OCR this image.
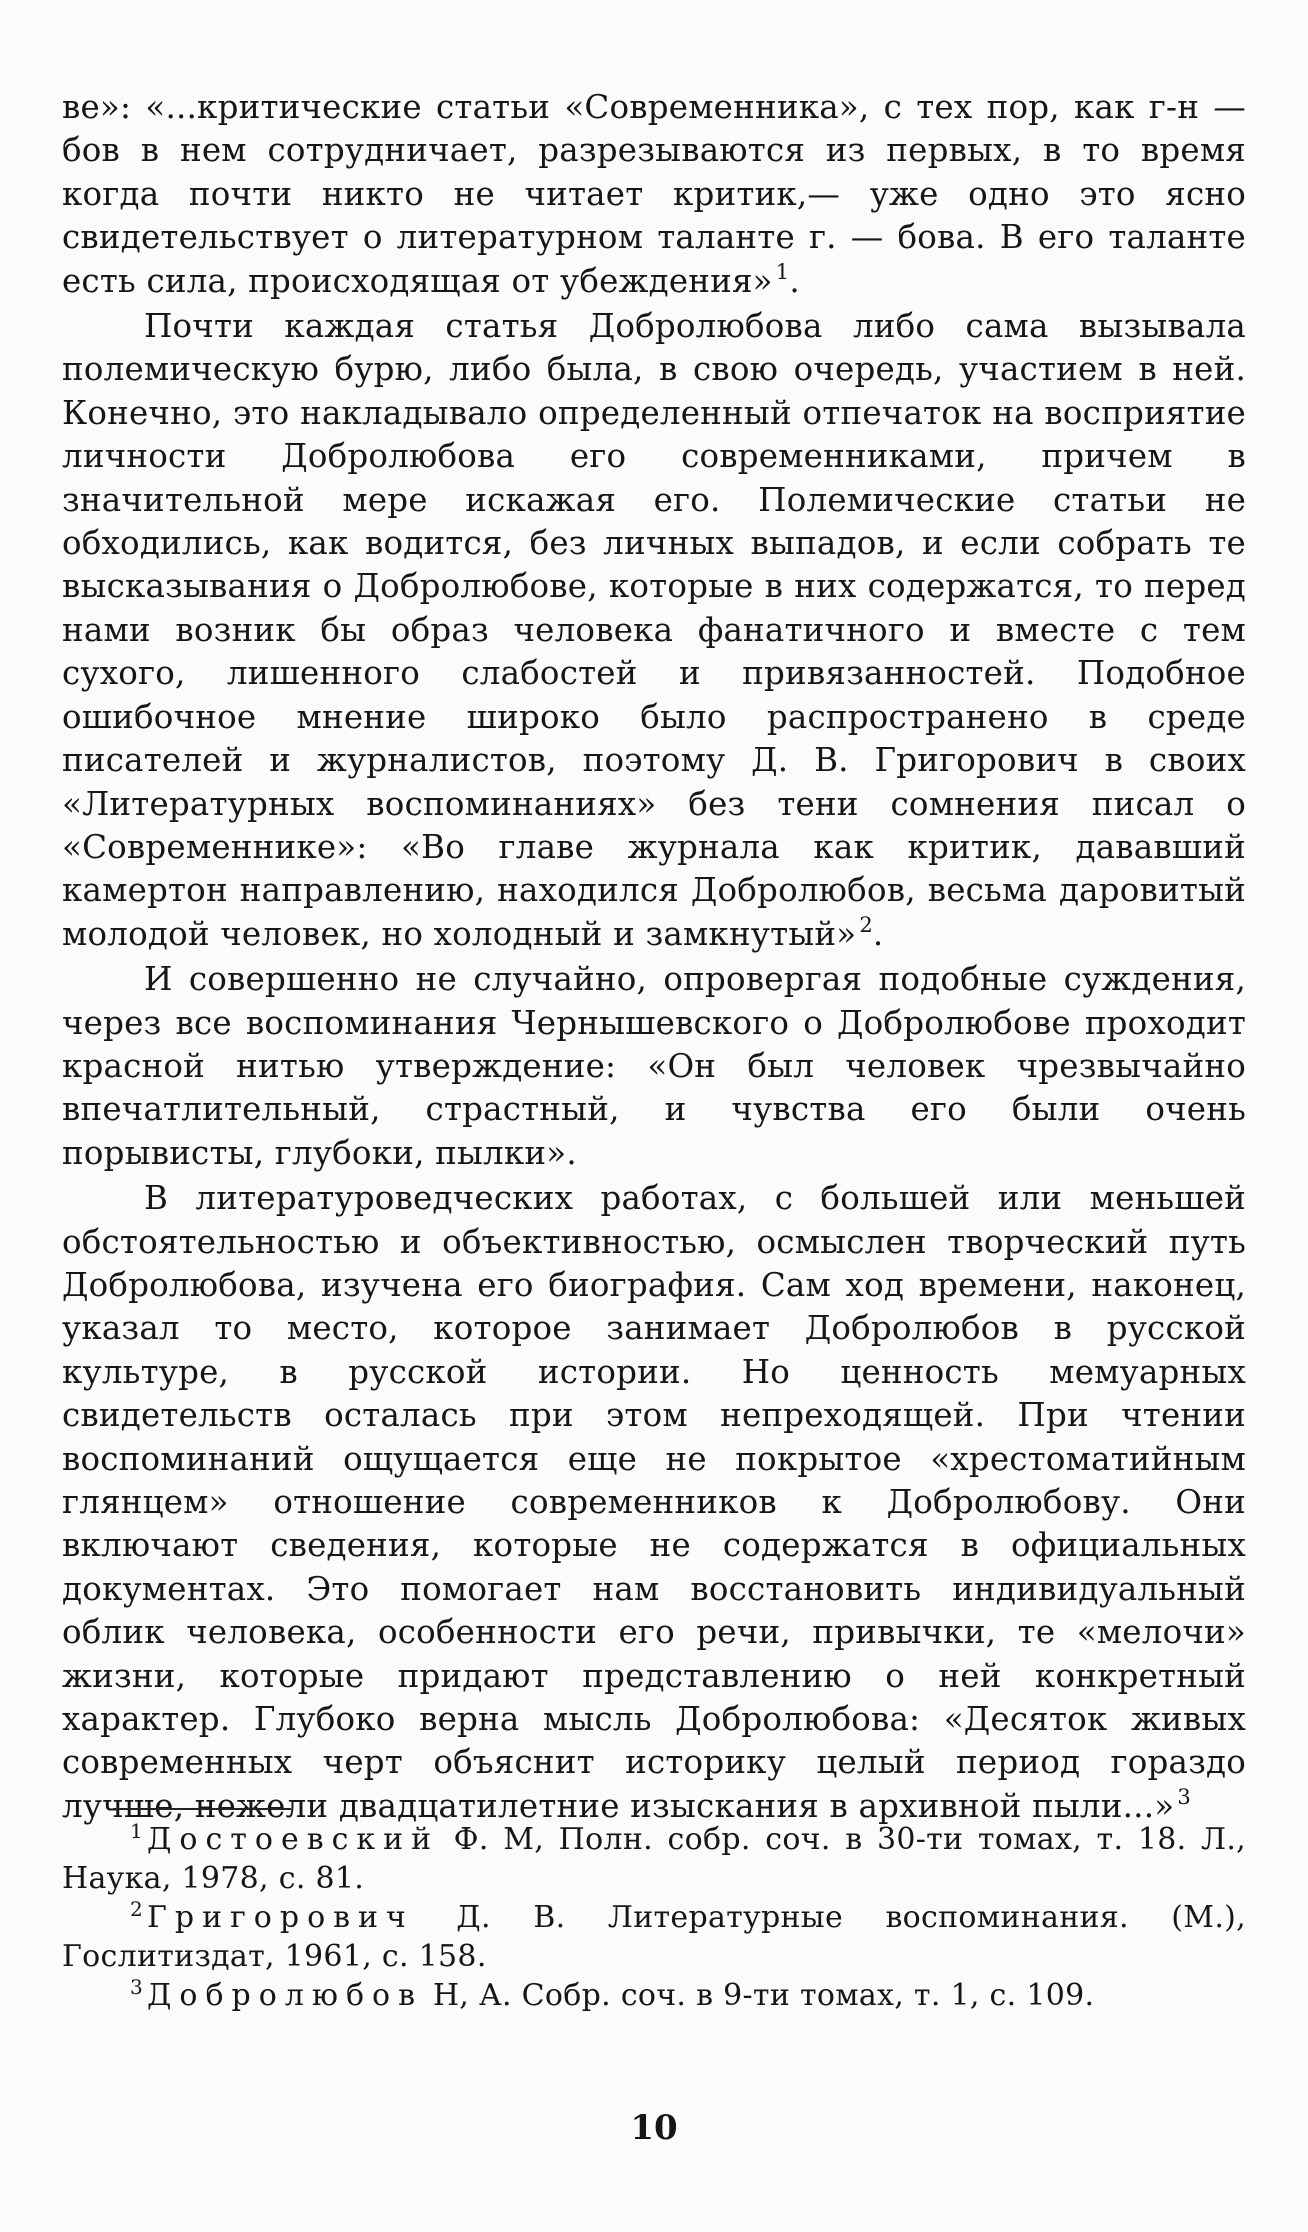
ве»: «...критические статьи «Современника», с тех пор, как г-н — бов в нем сотрудничает, разрезываются из первых, в то время когда почти никто не читает критик,— уже одно это ясно свидетельствует о литературном таланте г. — бова. В его таланте есть сила, происходящая от убеждения» $^1$.

Почти каждая статья Добролюбова либо сама вызывала полемическую бурю, либо была, в свою очередь, участием в ней. Конечно, это накладывало определенный отпечаток на восприятие личности Добролюбова его современниками, причем в значительной мере искажая его. Полемические статьи не обходились, как водится, без личных выпадов, и если собрать те высказывания о Добролюбове, которые в них содержатся, то перед нами возник бы образ человека фанатичного и вместе с тем сухого, лишенного слабостей и привязанностей. Подобное ошибочное мнение широко было распространено в среде писателей и журналистов, поэтому Д. В. Григорович в своих «Литературных воспоминаниях» без тени сомнения писал о «Современнике»: «Во главе журнала как критик, дававший камертон направлению, находился Добролюбов, весьма даровитый молодой человек, но холодный и замкнутый» $^2$.

И совершенно не случайно, опровергая подобные суждения, через все воспоминания Чернышевского о Добролюбове проходит красной нитью утверждение: «Он был человек чрезвычайно впечатлительный, страстный, и чувства его были очень порывисты, глубоки, пылки».

В литературоведческих работах, с большей или меньшей обстоятельностью и объективностью, осмыслен творческий путь Добролюбова, изучена его биография. Сам ход времени, наконец, указал то место, которое занимает Добролюбов в русской культуре, в русской истории. Но ценность мемуарных свидетельств осталась при этом непреходящей. При чтении воспоминаний ощущается еще не покрытое «хрестоматийным глянцем» отношение современников к Добролюбову. Они включают сведения, которые не содержатся в официальных документах. Это помогает нам восстановить индивидуальный облик человека, особенности его речи, привычки, те «мелочи» жизни, которые придают представлению о ней конкретный характер. Глубоко верна мысль Добролюбова: «Десяток живых современных черт объяснит историку целый период гораздо лучше, нежели двадцатилетние изыскания в архивной пыли...» $^3$

$^1$ Достоевский Ф. М, Полн. собр. соч. в 30-ти томах, т. 18. Л., Наука, 1978, с. 81.

$^2$ Григорович Д. В. Литературные воспоминания. (М.), Гослитиздат, 1961, с. 158.

$^3$ Добролюбов Н, А. Собр. соч. в 9-ти томах, т. 1, с. 109.

10
